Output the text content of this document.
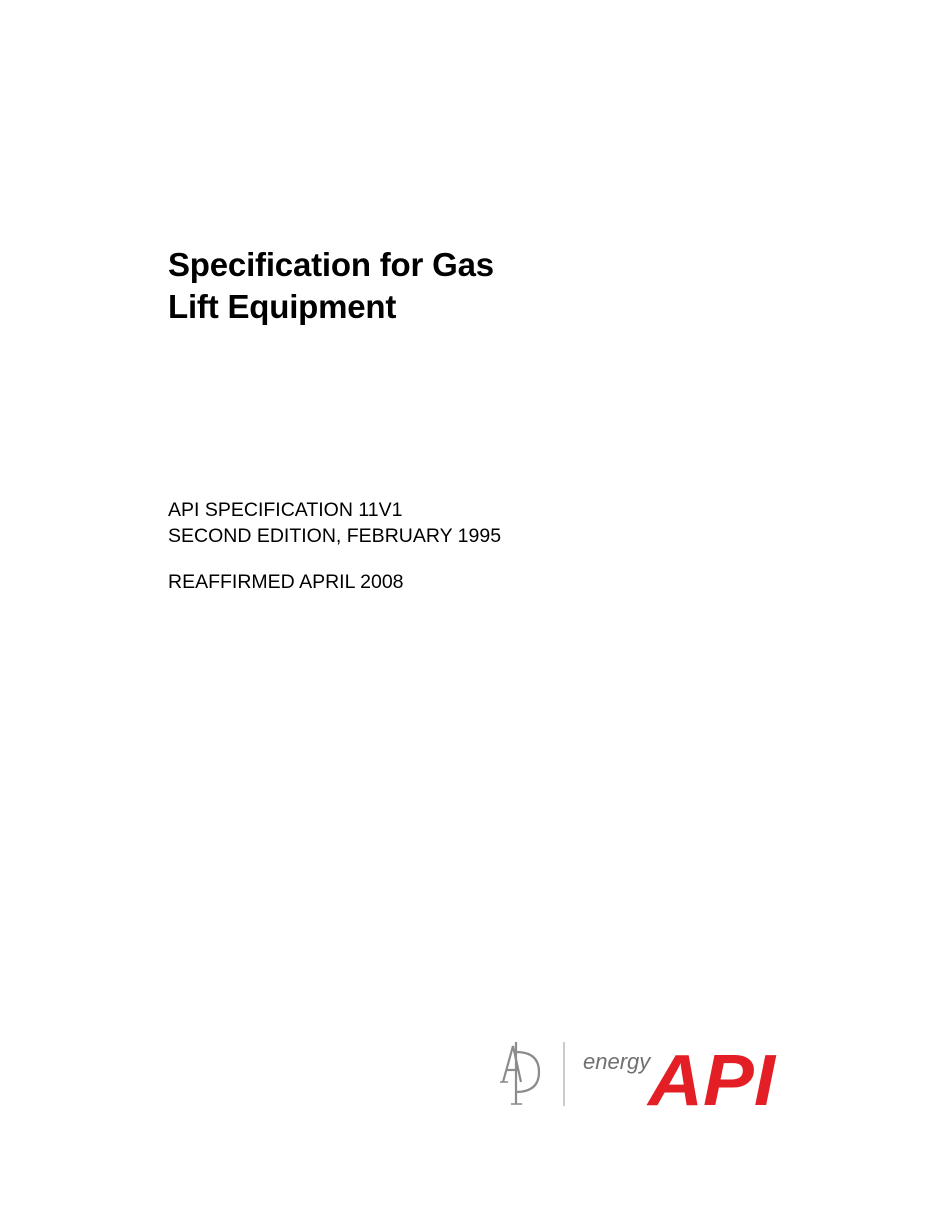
Specification for Gas
Lift Equipment
API SPECIFICATION 11V1
SECOND EDITION, FEBRUARY 1995
REAFFIRMED APRIL 2008
energy
API
